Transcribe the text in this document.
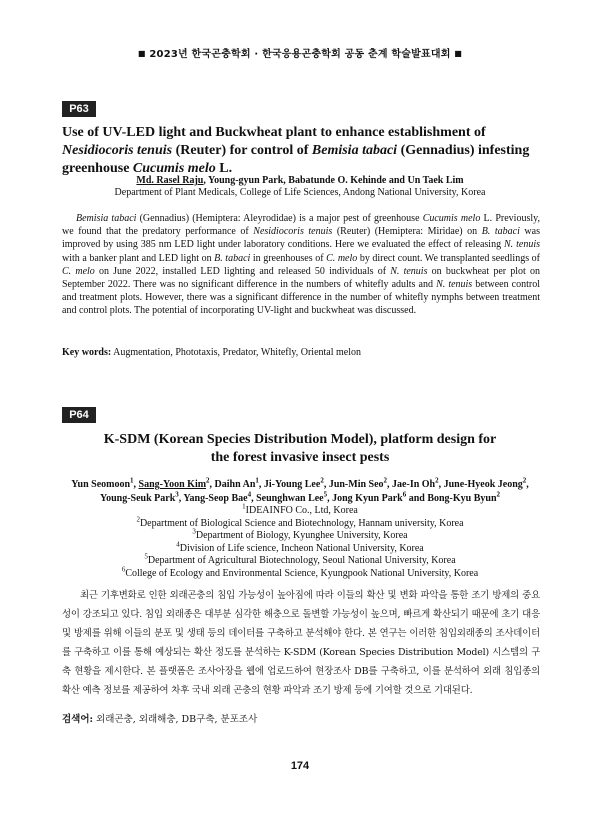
■ 2023년 한국곤충학회 · 한국응용곤충학회 공동 춘계 학술발표대회 ■
P63
Use of UV-LED light and Buckwheat plant to enhance establishment of Nesidiocoris tenuis (Reuter) for control of Bemisia tabaci (Gennadius) infesting greenhouse Cucumis melo L.
Md. Rasel Raju, Young-gyun Park, Babatunde O. Kehinde and Un Taek Lim
Department of Plant Medicals, College of Life Sciences, Andong National University, Korea
Bemisia tabaci (Gennadius) (Hemiptera: Aleyrodidae) is a major pest of greenhouse Cucumis melo L. Previously, we found that the predatory performance of Nesidiocoris tenuis (Reuter) (Hemiptera: Miridae) on B. tabaci was improved by using 385 nm LED light under laboratory conditions. Here we evaluated the effect of releasing N. tenuis with a banker plant and LED light on B. tabaci in greenhouses of C. melo by direct count. We transplanted seedlings of C. melo on June 2022, installed LED lighting and released 50 individuals of N. tenuis on buckwheat per plot on September 2022. There was no significant difference in the numbers of whitefly adults and N. tenuis between control and treatment plots. However, there was a significant difference in the number of whitefly nymphs between treatment and control plots. The potential of incorporating UV-light and buckwheat was discussed.
Key words: Augmentation, Phototaxis, Predator, Whitefly, Oriental melon
P64
K-SDM (Korean Species Distribution Model), platform design for
the forest invasive insect pests
Yun Seomoon$^1$, Sang-Yoon Kim$^2$, Daihn An$^1$, Ji-Young Lee$^2$, Jun-Min Seo$^2$, Jae-In Oh$^2$, June-Hyeok Jeong$^2$,
Young-Seuk Park$^3$, Yang-Seop Bae$^4$, Seunghwan Lee$^5$, Jong Kyun Park$^6$ and Bong-Kyu Byun$^2$
$^1$IDEAINFO Co., Ltd, Korea
$^2$Department of Biological Science and Biotechnology, Hannam university, Korea
$^3$Department of Biology, Kyunghee University, Korea
$^4$Division of Life science, Incheon National University, Korea
$^5$Department of Agricultural Biotechnology, Seoul National University, Korea
$^6$College of Ecology and Environmental Science, Kyungpook National University, Korea
최근 기후변화로 인한 외래곤충의 침입 가능성이 높아짐에 따라 이들의 확산 및 변화 파악을 통한 조기 방제의 중요성이 강조되고 있다. 침입 외래종은 대부분 심각한 해충으로 돌변할 가능성이 높으며, 빠르게 확산되기 때문에 초기 대응 및 방제를 위해 이들의 분포 및 생태 등의 데이터를 구축하고 분석해야 한다. 본 연구는 이러한 침입외래종의 조사데이터를 구축하고 이를 통해 예상되는 확산 정도를 분석하는 K-SDM (Korean Species Distribution Model) 시스템의 구축 현황을 제시한다. 본 플랫폼은 조사아장을 웹에 업로드하여 현장조사 DB를 구축하고, 이를 분석하여 외래 침입종의 확산 예측 정보를 제공하여 차후 국내 외래 곤충의 현황 파악과 조기 방제 등에 기여할 것으로 기대된다.
검색어: 외래곤충, 외래해충, DB구축, 분포조사
174
